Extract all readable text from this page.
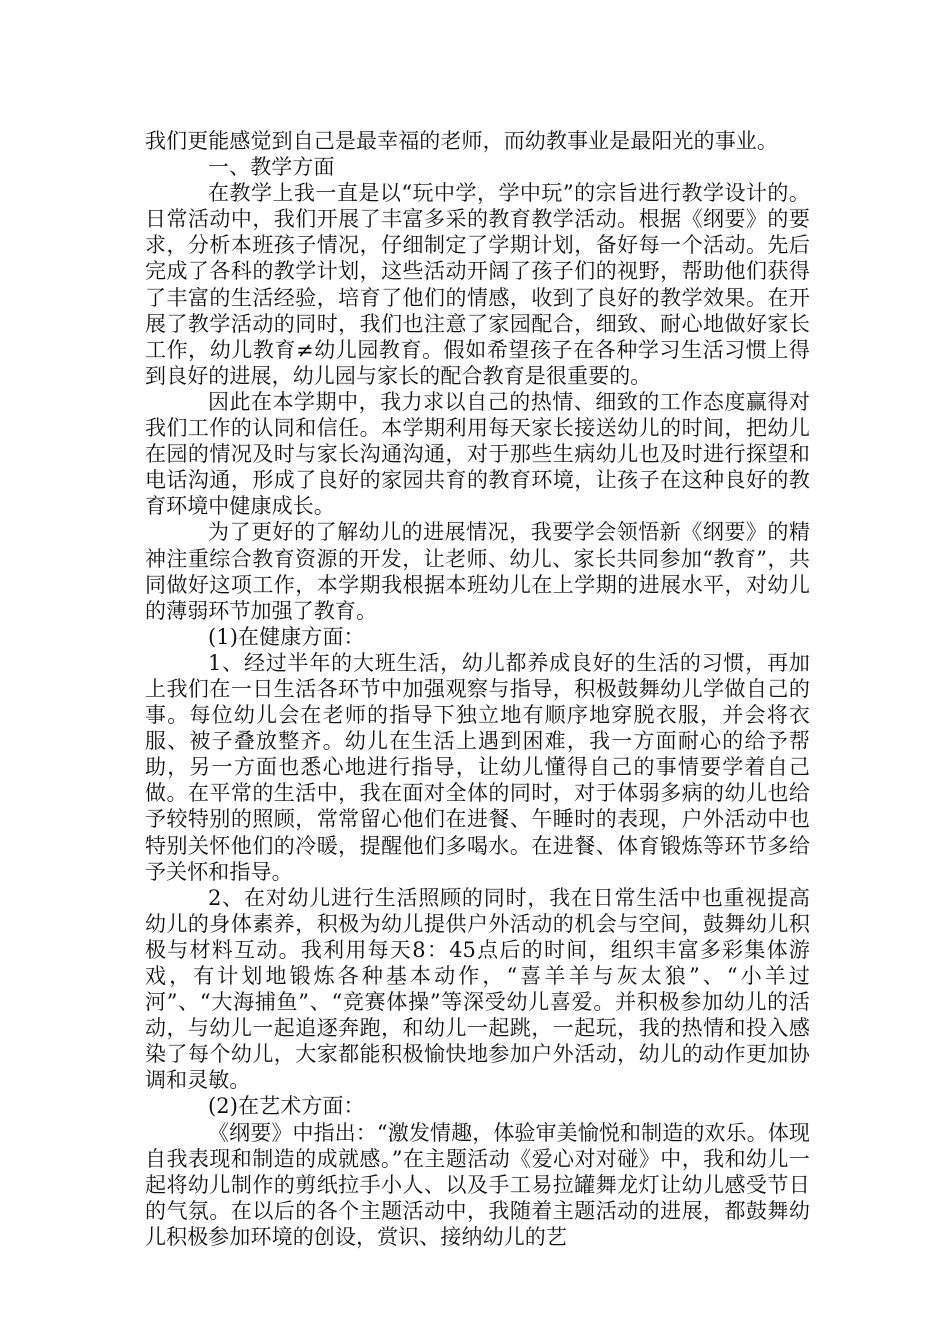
我们更能感觉到自己是最幸福的老师，而幼教事业是最阳光的事业。

一、教学方面

在教学上我一直是以“玩中学，学中玩”的宗旨进行教学设计的。日常活动中，我们开展了丰富多采的教育教学活动。根据《纲要》的要求，分析本班孩子情况，仔细制定了学期计划，备好每一个活动。先后完成了各科的教学计划，这些活动开阔了孩子们的视野，帮助他们获得了丰富的生活经验，培育了他们的情感，收到了良好的教学效果。在开展了教学活动的同时，我们也注意了家园配合，细致、耐心地做好家长工作，幼儿教育≠幼儿园教育。假如希望孩子在各种学习生活习惯上得到良好的进展，幼儿园与家长的配合教育是很重要的。

因此在本学期中，我力求以自己的热情、细致的工作态度赢得对我们工作的认同和信任。本学期利用每天家长接送幼儿的时间，把幼儿在园的情况及时与家长沟通沟通，对于那些生病幼儿也及时进行探望和电话沟通，形成了良好的家园共育的教育环境，让孩子在这种良好的教育环境中健康成长。

为了更好的了解幼儿的进展情况，我要学会领悟新《纲要》的精神注重综合教育资源的开发，让老师、幼儿、家长共同参加“教育”，共同做好这项工作，本学期我根据本班幼儿在上学期的进展水平，对幼儿的薄弱环节加强了教育。

(1)在健康方面：

1、经过半年的大班生活，幼儿都养成良好的生活的习惯，再加上我们在一日生活各环节中加强观察与指导，积极鼓舞幼儿学做自己的事。每位幼儿会在老师的指导下独立地有顺序地穿脱衣服，并会将衣服、被子叠放整齐。幼儿在生活上遇到困难，我一方面耐心的给予帮助，另一方面也悉心地进行指导，让幼儿懂得自己的事情要学着自己做。在平常的生活中，我在面对全体的同时，对于体弱多病的幼儿也给予较特别的照顾，常常留心他们在进餐、午睡时的表现，户外活动中也特别关怀他们的冷暖，提醒他们多喝水。在进餐、体育锻炼等环节多给予关怀和指导。

2、在对幼儿进行生活照顾的同时，我在日常生活中也重视提高幼儿的身体素养，积极为幼儿提供户外活动的机会与空间，鼓舞幼儿积极与材料互动。我利用每天8：45点后的时间，组织丰富多彩集体游戏，有计划地锻炼各种基本动作，“喜羊羊与灰太狼”、“小羊过河”、“大海捕鱼”、“竞赛体操”等深受幼儿喜爱。并积极参加幼儿的活动，与幼儿一起追逐奔跑，和幼儿一起跳，一起玩，我的热情和投入感染了每个幼儿，大家都能积极愉快地参加户外活动，幼儿的动作更加协调和灵敏。

(2)在艺术方面：

《纲要》中指出：“激发情趣，体验审美愉悦和制造的欢乐。体现自我表现和制造的成就感。”在主题活动《爱心对对碰》中，我和幼儿一起将幼儿制作的剪纸拉手小人、以及手工易拉罐舞龙灯让幼儿感受节日的气氛。在以后的各个主题活动中，我随着主题活动的进展，都鼓舞幼儿积极参加环境的创设，赏识、接纳幼儿的艺
